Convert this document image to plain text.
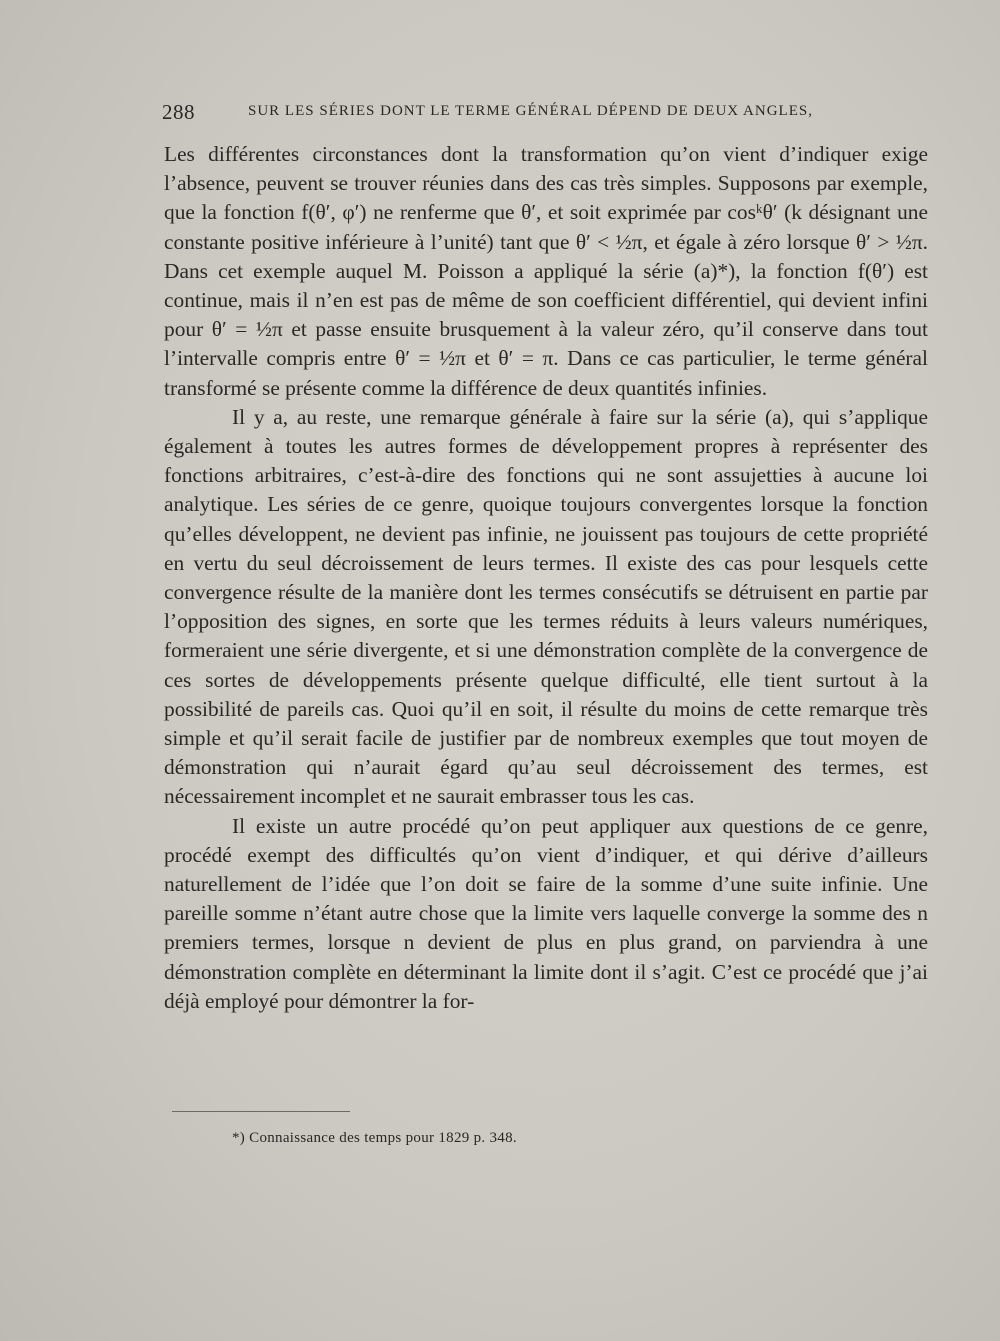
288	SUR LES SÉRIES DONT LE TERME GÉNÉRAL DÉPEND DE DEUX ANGLES,

Les différentes circonstances dont la transformation qu’on vient d’indiquer exige l’absence, peuvent se trouver réunies dans des cas très simples. Supposons par exemple, que la fonction f(θ′, φ′) ne renferme que θ′, et soit exprimée par cosᵏθ′ (k désignant une constante positive inférieure à l’unité) tant que θ′ < ½π, et égale à zéro lorsque θ′ > ½π. Dans cet exemple auquel M. Poisson a appliqué la série (a)*), la fonction f(θ′) est continue, mais il n’en est pas de même de son coefficient différentiel, qui devient infini pour θ′ = ½π et passe ensuite brusquement à la valeur zéro, qu’il conserve dans tout l’intervalle compris entre θ′ = ½π et θ′ = π. Dans ce cas particulier, le terme général transformé se présente comme la différence de deux quantités infinies.

Il y a, au reste, une remarque générale à faire sur la série (a), qui s’applique également à toutes les autres formes de développement propres à représenter des fonctions arbitraires, c’est-à-dire des fonctions qui ne sont assujetties à aucune loi analytique. Les séries de ce genre, quoique toujours convergentes lorsque la fonction qu’elles développent, ne devient pas infinie, ne jouissent pas toujours de cette propriété en vertu du seul décroissement de leurs termes. Il existe des cas pour lesquels cette convergence résulte de la manière dont les termes consécutifs se détruisent en partie par l’opposition des signes, en sorte que les termes réduits à leurs valeurs numériques, formeraient une série divergente, et si une démonstration complète de la convergence de ces sortes de développements présente quelque difficulté, elle tient surtout à la possibilité de pareils cas. Quoi qu’il en soit, il résulte du moins de cette remarque très simple et qu’il serait facile de justifier par de nombreux exemples que tout moyen de démonstration qui n’aurait égard qu’au seul décroissement des termes, est nécessairement incomplet et ne saurait embrasser tous les cas.

Il existe un autre procédé qu’on peut appliquer aux questions de ce genre, procédé exempt des difficultés qu’on vient d’indiquer, et qui dérive d’ailleurs naturellement de l’idée que l’on doit se faire de la somme d’une suite infinie. Une pareille somme n’étant autre chose que la limite vers laquelle converge la somme des n premiers termes, lorsque n devient de plus en plus grand, on parviendra à une démonstration complète en déterminant la limite dont il s’agit. C’est ce procédé que j’ai déjà employé pour démontrer la for-

*) Connaissance des temps pour 1829 p. 348.
